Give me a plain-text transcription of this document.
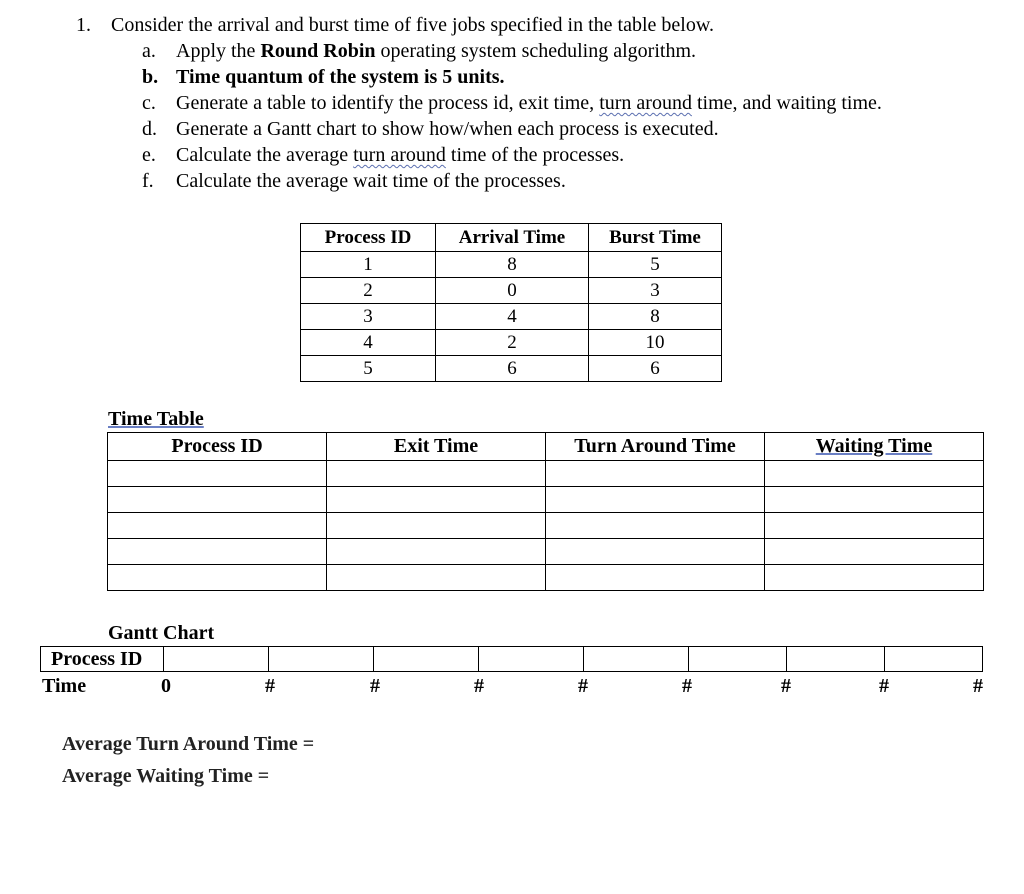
1. Consider the arrival and burst time of five jobs specified in the table below.
a. Apply the Round Robin operating system scheduling algorithm.
b. Time quantum of the system is 5 units.
c. Generate a table to identify the process id, exit time, turn around time, and waiting time.
d. Generate a Gantt chart to show how/when each process is executed.
e. Calculate the average turn around time of the processes.
f. Calculate the average wait time of the processes.
Process ID	Arrival Time	Burst Time
1	8	5
2	0	3
3	4	8
4	2	10
5	6	6
Time Table
Process ID	Exit Time	Turn Around Time	Waiting Time

Gantt Chart
Process ID								
Time	0	#	#	#	#	#	#	#	#
Average Turn Around Time =
Average Waiting Time =
